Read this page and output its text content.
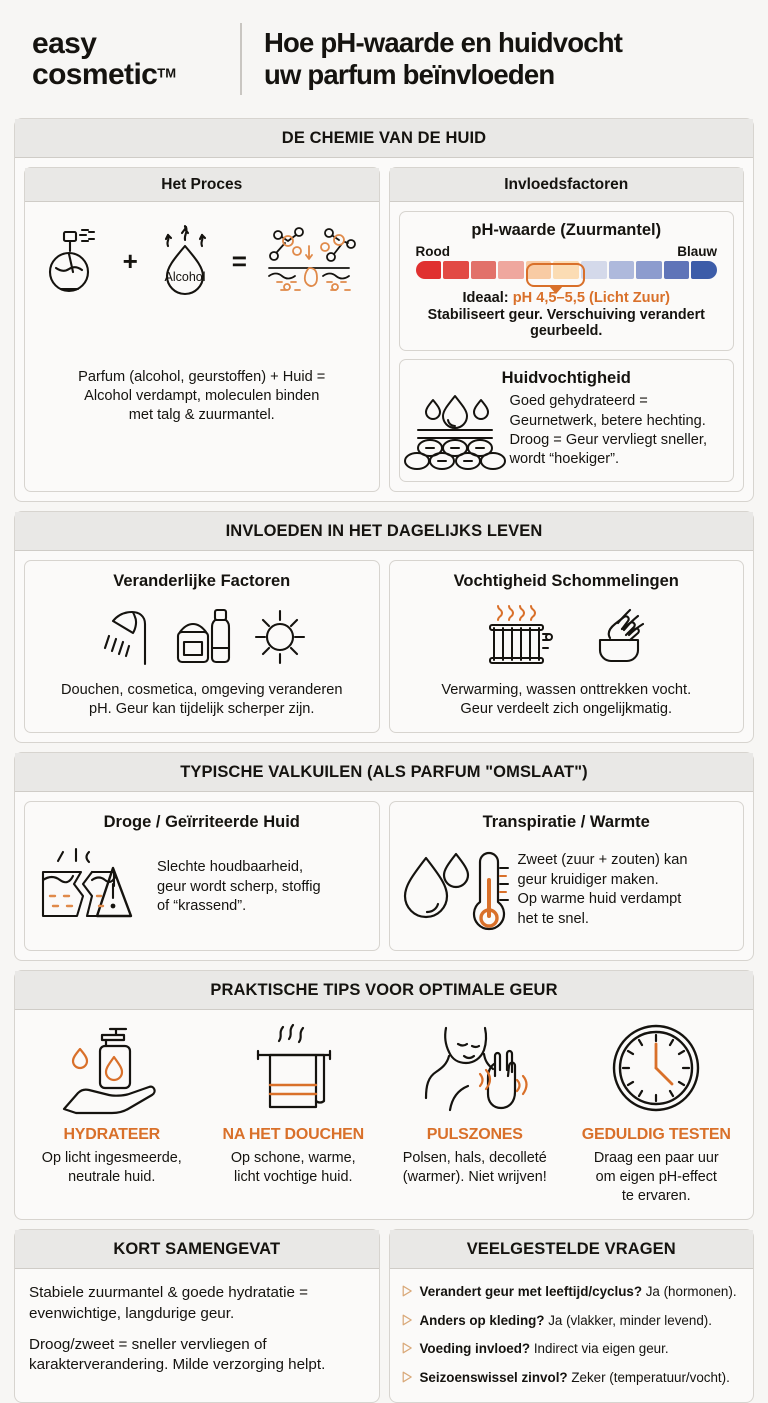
easy
cosmetic™
Hoe pH-waarde en huidvocht
uw parfum beïnvloeden
DE CHEMIE VAN DE HUID
Het Proces
+
Alcohol
=
Parfum (alcohol, geurstoffen) + Huid =
Alcohol verdampt, moleculen binden
met talg & zuurmantel.
Invloedsfactoren
pH-waarde (Zuurmantel)
Rood	Blauw
Ideaal: pH 4,5–5,5 (Licht Zuur)
Stabiliseert geur. Verschuiving verandert geurbeeld.
Huidvochtigheid
Goed gehydrateerd =
Geurnetwerk, betere hechting.
Droog = Geur vervliegt sneller,
wordt “hoekiger”.
INVLOEDEN IN HET DAGELIJKS LEVEN
Veranderlijke Factoren
Douchen, cosmetica, omgeving veranderen
pH. Geur kan tijdelijk scherper zijn.
Vochtigheid Schommelingen
Verwarming, wassen onttrekken vocht.
Geur verdeelt zich ongelijkmatig.
TYPISCHE VALKUILEN (ALS PARFUM "OMSLAAT")
Droge / Geïrriteerde Huid
Slechte houdbaarheid,
geur wordt scherp, stoffig
of “krassend”.
Transpiratie / Warmte
Zweet (zuur + zouten) kan
geur kruidiger maken.
Op warme huid verdampt
het te snel.
PRAKTISCHE TIPS VOOR OPTIMALE GEUR
HYDRATEER
Op licht ingesmeerde,
neutrale huid.
NA HET DOUCHEN
Op schone, warme,
licht vochtige huid.
PULSZONES
Polsen, hals, decolleté
(warmer). Niet wrijven!
GEDULDIG TESTEN
Draag een paar uur
om eigen pH-effect
te ervaren.
KORT SAMENGEVAT
Stabiele zuurmantel & goede hydratatie =
evenwichtige, langdurige geur.
Droog/zweet = sneller vervliegen of
karakterverandering. Milde verzorging helpt.
VEELGESTELDE VRAGEN
Verandert geur met leeftijd/cyclus? Ja (hormonen).
Anders op kleding? Ja (vlakker, minder levend).
Voeding invloed? Indirect via eigen geur.
Seizoenswissel zinvol? Zeker (temperatuur/vocht).
